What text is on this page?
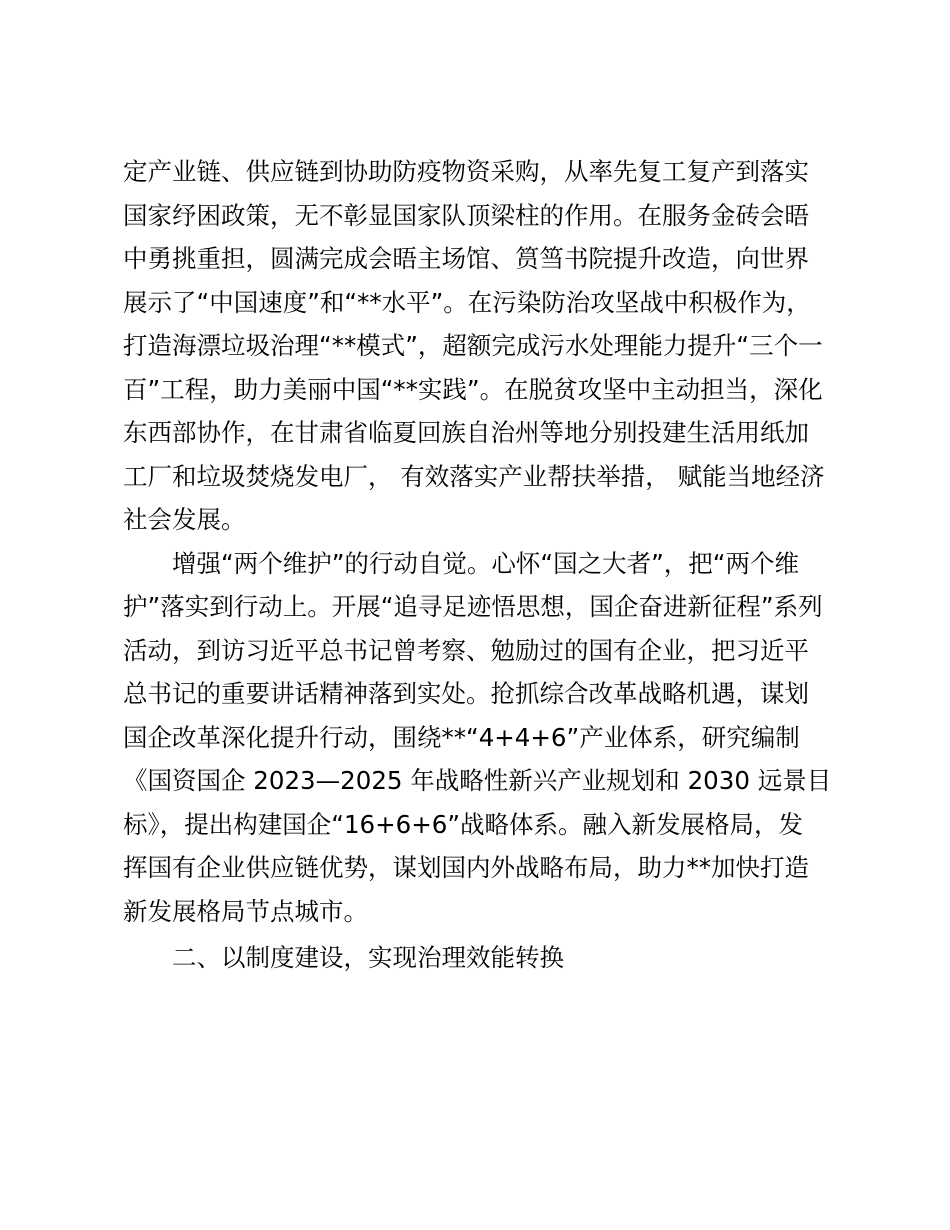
定产业链、供应链到协助防疫物资采购，从率先复工复产到落实
国家纾困政策，无不彰显国家队顶梁柱的作用。在服务金砖会晤
中勇挑重担，圆满完成会晤主场馆、筼筜书院提升改造，向世界
展示了“中国速度”和“**水平”。在污染防治攻坚战中积极作为，
打造海漂垃圾治理“**模式”，超额完成污水处理能力提升“三个一
百”工程，助力美丽中国“**实践”。在脱贫攻坚中主动担当，深化
东西部协作，在甘肃省临夏回族自治州等地分别投建生活用纸加
工厂和垃圾焚烧发电厂， 有效落实产业帮扶举措， 赋能当地经济
社会发展。
增强“两个维护”的行动自觉。心怀“国之大者”，把“两个维
护”落实到行动上。开展“追寻足迹悟思想，国企奋进新征程”系列
活动，到访习近平总书记曾考察、勉励过的国有企业，把习近平
总书记的重要讲话精神落到实处。抢抓综合改革战略机遇，谋划
国企改革深化提升行动，围绕**“4+4+6”产业体系，研究编制
《国资国企 2023—2025 年战略性新兴产业规划和 2030 远景目
标》，提出构建国企“16+6+6”战略体系。融入新发展格局，发
挥国有企业供应链优势，谋划国内外战略布局，助力**加快打造
新发展格局节点城市。
二、以制度建设，实现治理效能转换
